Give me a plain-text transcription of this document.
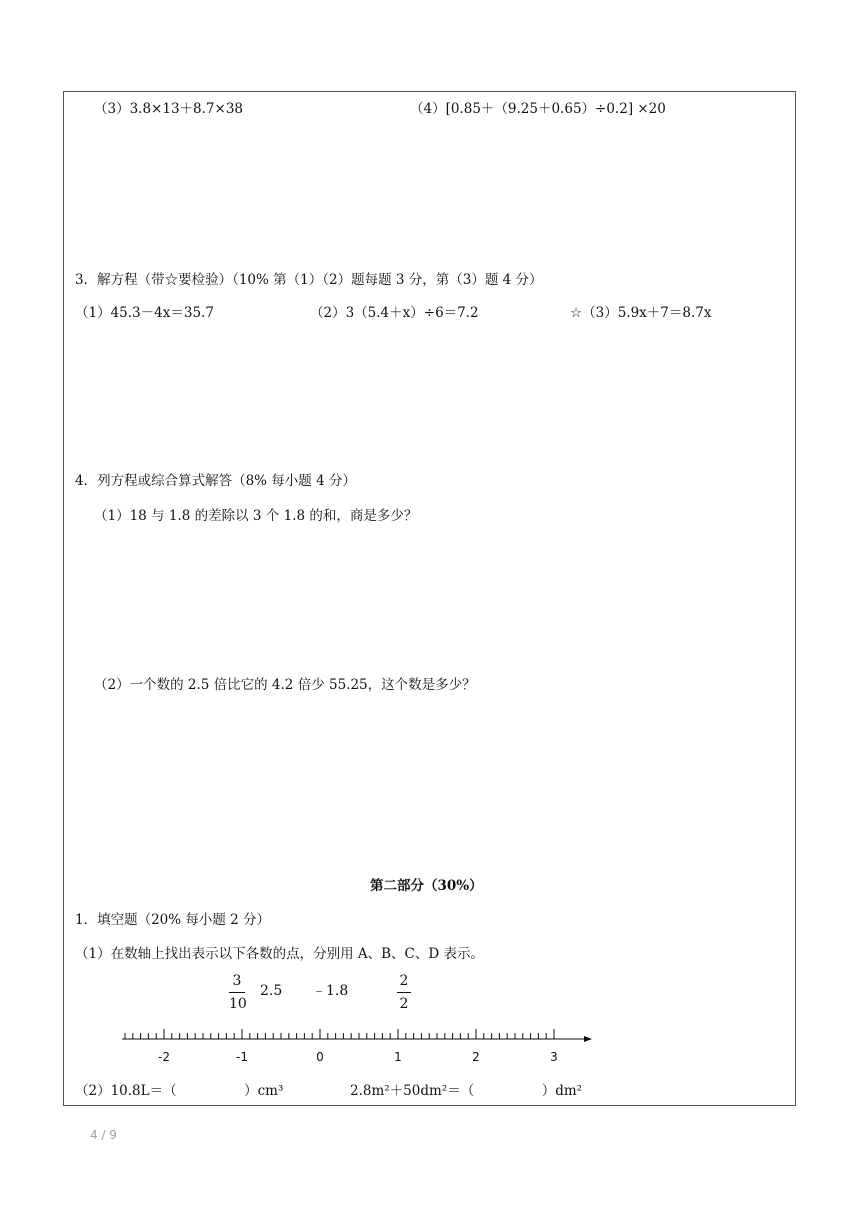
（3）3.8×13＋8.7×38	（4）[0.85＋（9.25＋0.65）÷0.2] ×20
3．解方程（带☆要检验）（10% 第（1）（2）题每题 3 分，第（3）题 4 分）
（1）45.3－4x＝35.7	（2）3（5.4＋x）÷6＝7.2	☆（3）5.9x＋7＝8.7x
4．列方程或综合算式解答（8% 每小题 4 分）
（1）18 与 1.8 的差除以 3 个 1.8 的和，商是多少？
（2）一个数的 2.5 倍比它的 4.2 倍少 55.25，这个数是多少？
第二部分（30%）
1．填空题（20% 每小题 2 分）
（1）在数轴上找出表示以下各数的点，分别用 A、B、C、D 表示。
3
10
2.5 ﹣1.8
2
2
-2	-1	0	1	2	3
（2）10.8L＝（　　　　　）cm³	2.8m²＋50dm²＝（　　　　　）dm²
4 / 9
